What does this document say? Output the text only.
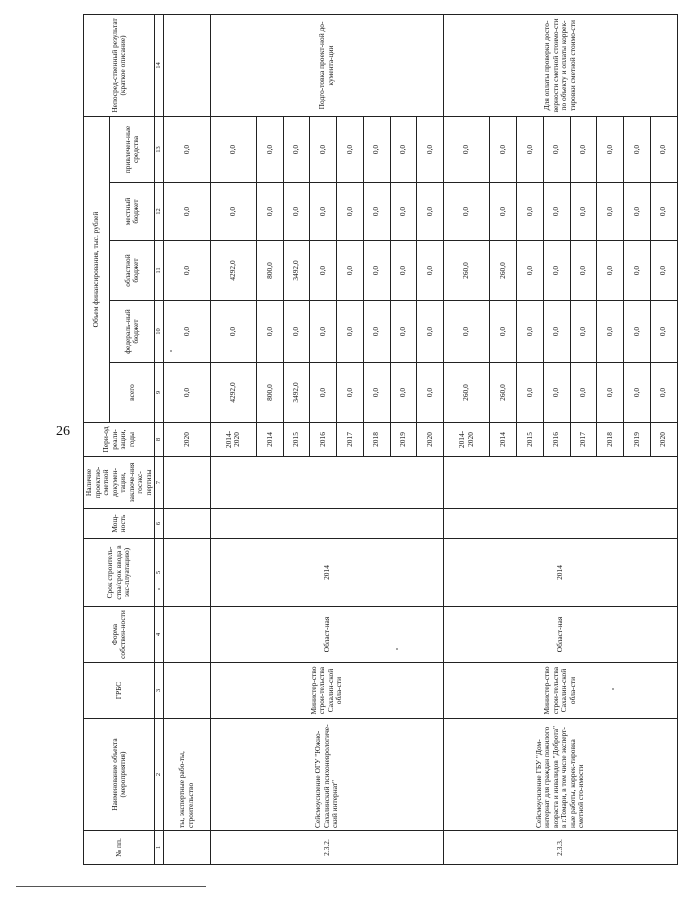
26
№ пп.	Наименование объекта (мероприятия)	ГРБС	Форма собствен-ности	Срок строитель-ства/срок ввода в экс-плуатацию)	Мощ-ность	Наличие проектно-сметной докумен-тации, заключе-ния госэкс-пертизы	Пери-од реали-зации, годы	Объем финансирования, тыс. рублей					Непосред-ственный результат (краткое описание)
								всего	федераль-ный бюджет	областной бюджет	местный бюджет	привлечен-ные средства	
1	2	3	4	5	6	7	8	9	10	11	12	13	14
	ты, экспертные рабо-ты, строительство						2020	0,0	0,0	0,0	0,0	0,0	
2.3.2.	Сейсмоусиление ОГУ "Южно-Сахалинский психоневрологиче-ский интернат"	Министер-ство строи-тельства Сахалин-ской обла-сти	Област-ная	2014			2014-2020	4292,0	0,0	4292,0	0,0	0,0	Подго-товка проект-ной до-кумента-ции
							2014	800,0	0,0	800,0	0,0	0,0	
							2015	3492,0	0,0	3492,0	0,0	0,0	
							2016	0,0	0,0	0,0	0,0	0,0	
							2017	0,0	0,0	0,0	0,0	0,0	
							2018	0,0	0,0	0,0	0,0	0,0	
							2019	0,0	0,0	0,0	0,0	0,0	
							2020	0,0	0,0	0,0	0,0	0,0	
2.3.3.	Сейсмоусиление ГБУ "Дом-интернат для граждан пожилого возраста и инвалидов "Доброта" в г.Томари, в том числе эксперт-ные работы, коррек-тировка сметной сто-имости	Министер-ство строи-тельства Сахалин-ской обла-сти	Област-ная	2014			2014-2020	260,0	0,0	260,0	0,0	0,0	Для оплаты проверки досто-верности сметной стоимо-сти по объекту и оплаты коррек-тировки сметной стоимо-сти
							2014	260,0	0,0	260,0	0,0	0,0	
							2015	0,0	0,0	0,0	0,0	0,0	
							2016	0,0	0,0	0,0	0,0	0,0	
							2017	0,0	0,0	0,0	0,0	0,0	
							2018	0,0	0,0	0,0	0,0	0,0	
							2019	0,0	0,0	0,0	0,0	0,0	
							2020	0,0	0,0	0,0	0,0	0,0	
